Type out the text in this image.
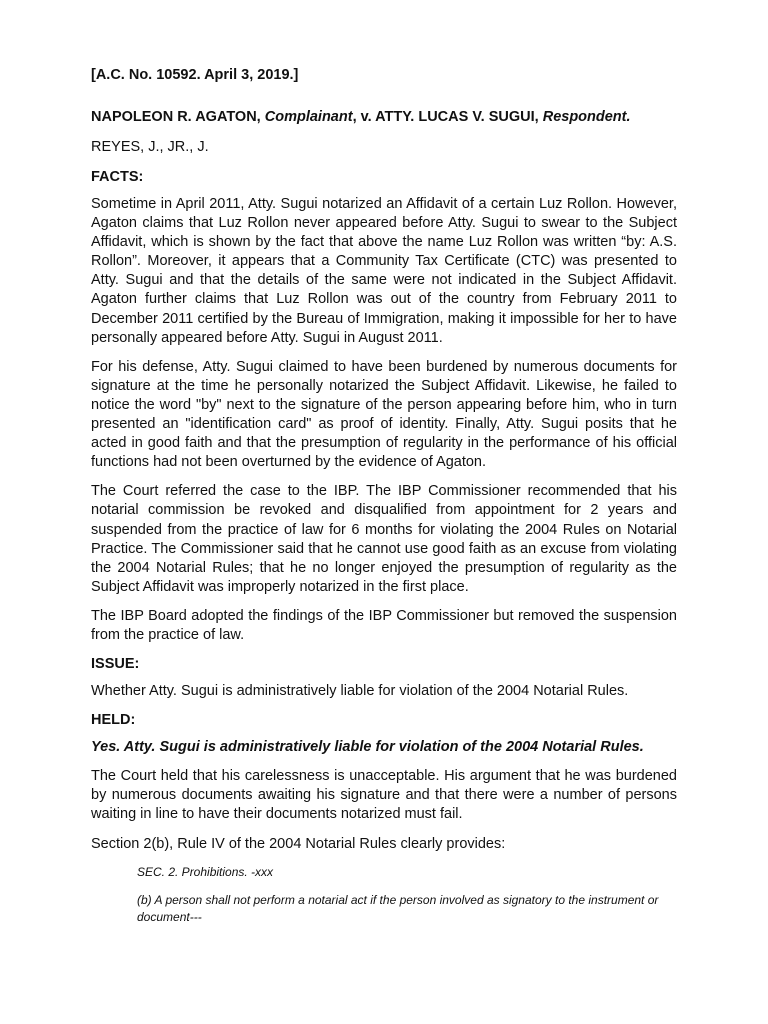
[A.C. No. 10592. April 3, 2019.]
NAPOLEON R. AGATON, Complainant, v. ATTY. LUCAS V. SUGUI, Respondent.
REYES, J., JR., J.
FACTS:

Sometime in April 2011, Atty. Sugui notarized an Affidavit of a certain Luz Rollon. However, Agaton claims that Luz Rollon never appeared before Atty. Sugui to swear to the Subject Affidavit, which is shown by the fact that above the name Luz Rollon was written “by: A.S. Rollon”. Moreover, it appears that a Community Tax Certificate (CTC) was presented to Atty. Sugui and that the details of the same were not indicated in the Subject Affidavit. Agaton further claims that Luz Rollon was out of the country from February 2011 to December 2011 certified by the Bureau of Immigration, making it impossible for her to have personally appeared before Atty. Sugui in August 2011.

For his defense, Atty. Sugui claimed to have been burdened by numerous documents for signature at the time he personally notarized the Subject Affidavit. Likewise, he failed to notice the word "by" next to the signature of the person appearing before him, who in turn presented an "identification card" as proof of identity. Finally, Atty. Sugui posits that he acted in good faith and that the presumption of regularity in the performance of his official functions had not been overturned by the evidence of Agaton.

The Court referred the case to the IBP. The IBP Commissioner recommended that his notarial commission be revoked and disqualified from appointment for 2 years and suspended from the practice of law for 6 months for violating the 2004 Rules on Notarial Practice. The Commissioner said that he cannot use good faith as an excuse from violating the 2004 Notarial Rules; that he no longer enjoyed the presumption of regularity as the Subject Affidavit was improperly notarized in the first place.

The IBP Board adopted the findings of the IBP Commissioner but removed the suspension from the practice of law.

ISSUE:

Whether Atty. Sugui is administratively liable for violation of the 2004 Notarial Rules.

HELD:

Yes. Atty. Sugui is administratively liable for violation of the 2004 Notarial Rules.

The Court held that his carelessness is unacceptable. His argument that he was burdened by numerous documents awaiting his signature and that there were a number of persons waiting in line to have their documents notarized must fail.

Section 2(b), Rule IV of the 2004 Notarial Rules clearly provides:

SEC. 2. Prohibitions. -xxx

(b) A person shall not perform a notarial act if the person involved as signatory to the instrument or document---
